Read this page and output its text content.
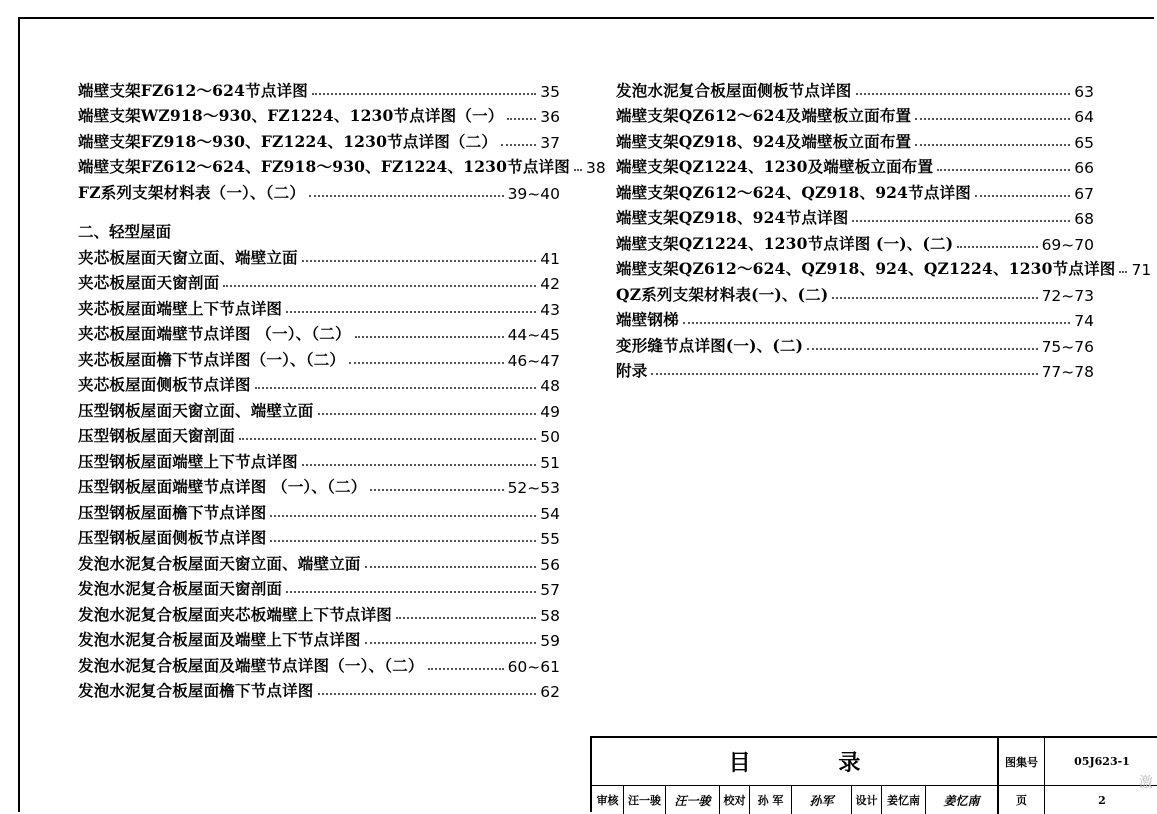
端壁支架FZ612～624节点详图	35
端壁支架WZ918～930、FZ1224、1230节点详图（一） 36
端壁支架FZ918～930、FZ1224、1230节点详图（二）	37
端壁支架FZ612～624、FZ918～930、FZ1224、1230节点详图 38
FZ系列支架材料表（一）、（二）	39~40
二、轻型屋面
夹芯板屋面天窗立面、端壁立面	41
夹芯板屋面天窗剖面	42
夹芯板屋面端壁上下节点详图	43
夹芯板屋面端壁节点详图 （一）、（二）	44~45
夹芯板屋面檐下节点详图（一）、（二）	46~47
夹芯板屋面侧板节点详图	48
压型钢板屋面天窗立面、端壁立面	49
压型钢板屋面天窗剖面	50
压型钢板屋面端壁上下节点详图	51
压型钢板屋面端壁节点详图 （一）、（二）	52~53
压型钢板屋面檐下节点详图	54
压型钢板屋面侧板节点详图	55
发泡水泥复合板屋面天窗立面、端壁立面	56
发泡水泥复合板屋面天窗剖面	57
发泡水泥复合板屋面夹芯板端壁上下节点详图	58
发泡水泥复合板屋面及端壁上下节点详图	59
发泡水泥复合板屋面及端壁节点详图（一）、（二）	60~61
发泡水泥复合板屋面檐下节点详图	62
发泡水泥复合板屋面侧板节点详图	63
端壁支架QZ612～624及端壁板立面布置	64
端壁支架QZ918、924及端壁板立面布置	65
端壁支架QZ1224、1230及端壁板立面布置	66
端壁支架QZ612～624、QZ918、924节点详图	67
端壁支架QZ918、924节点详图	68
端壁支架QZ1224、1230节点详图 (一)、(二)	69~70
端壁支架QZ612～624、QZ918、924、QZ1224、1230节点详图 71
QZ系列支架材料表(一)、(二)	72~73
端壁钢梯	74
变形缝节点详图(一)、(二)	75~76
附录	77~78
目 录	图集号	05J623-1
审核 汪一骏	汪一骏	校对	孙 军	孙军	设计 姜忆南	姜忆南	页	2
激
